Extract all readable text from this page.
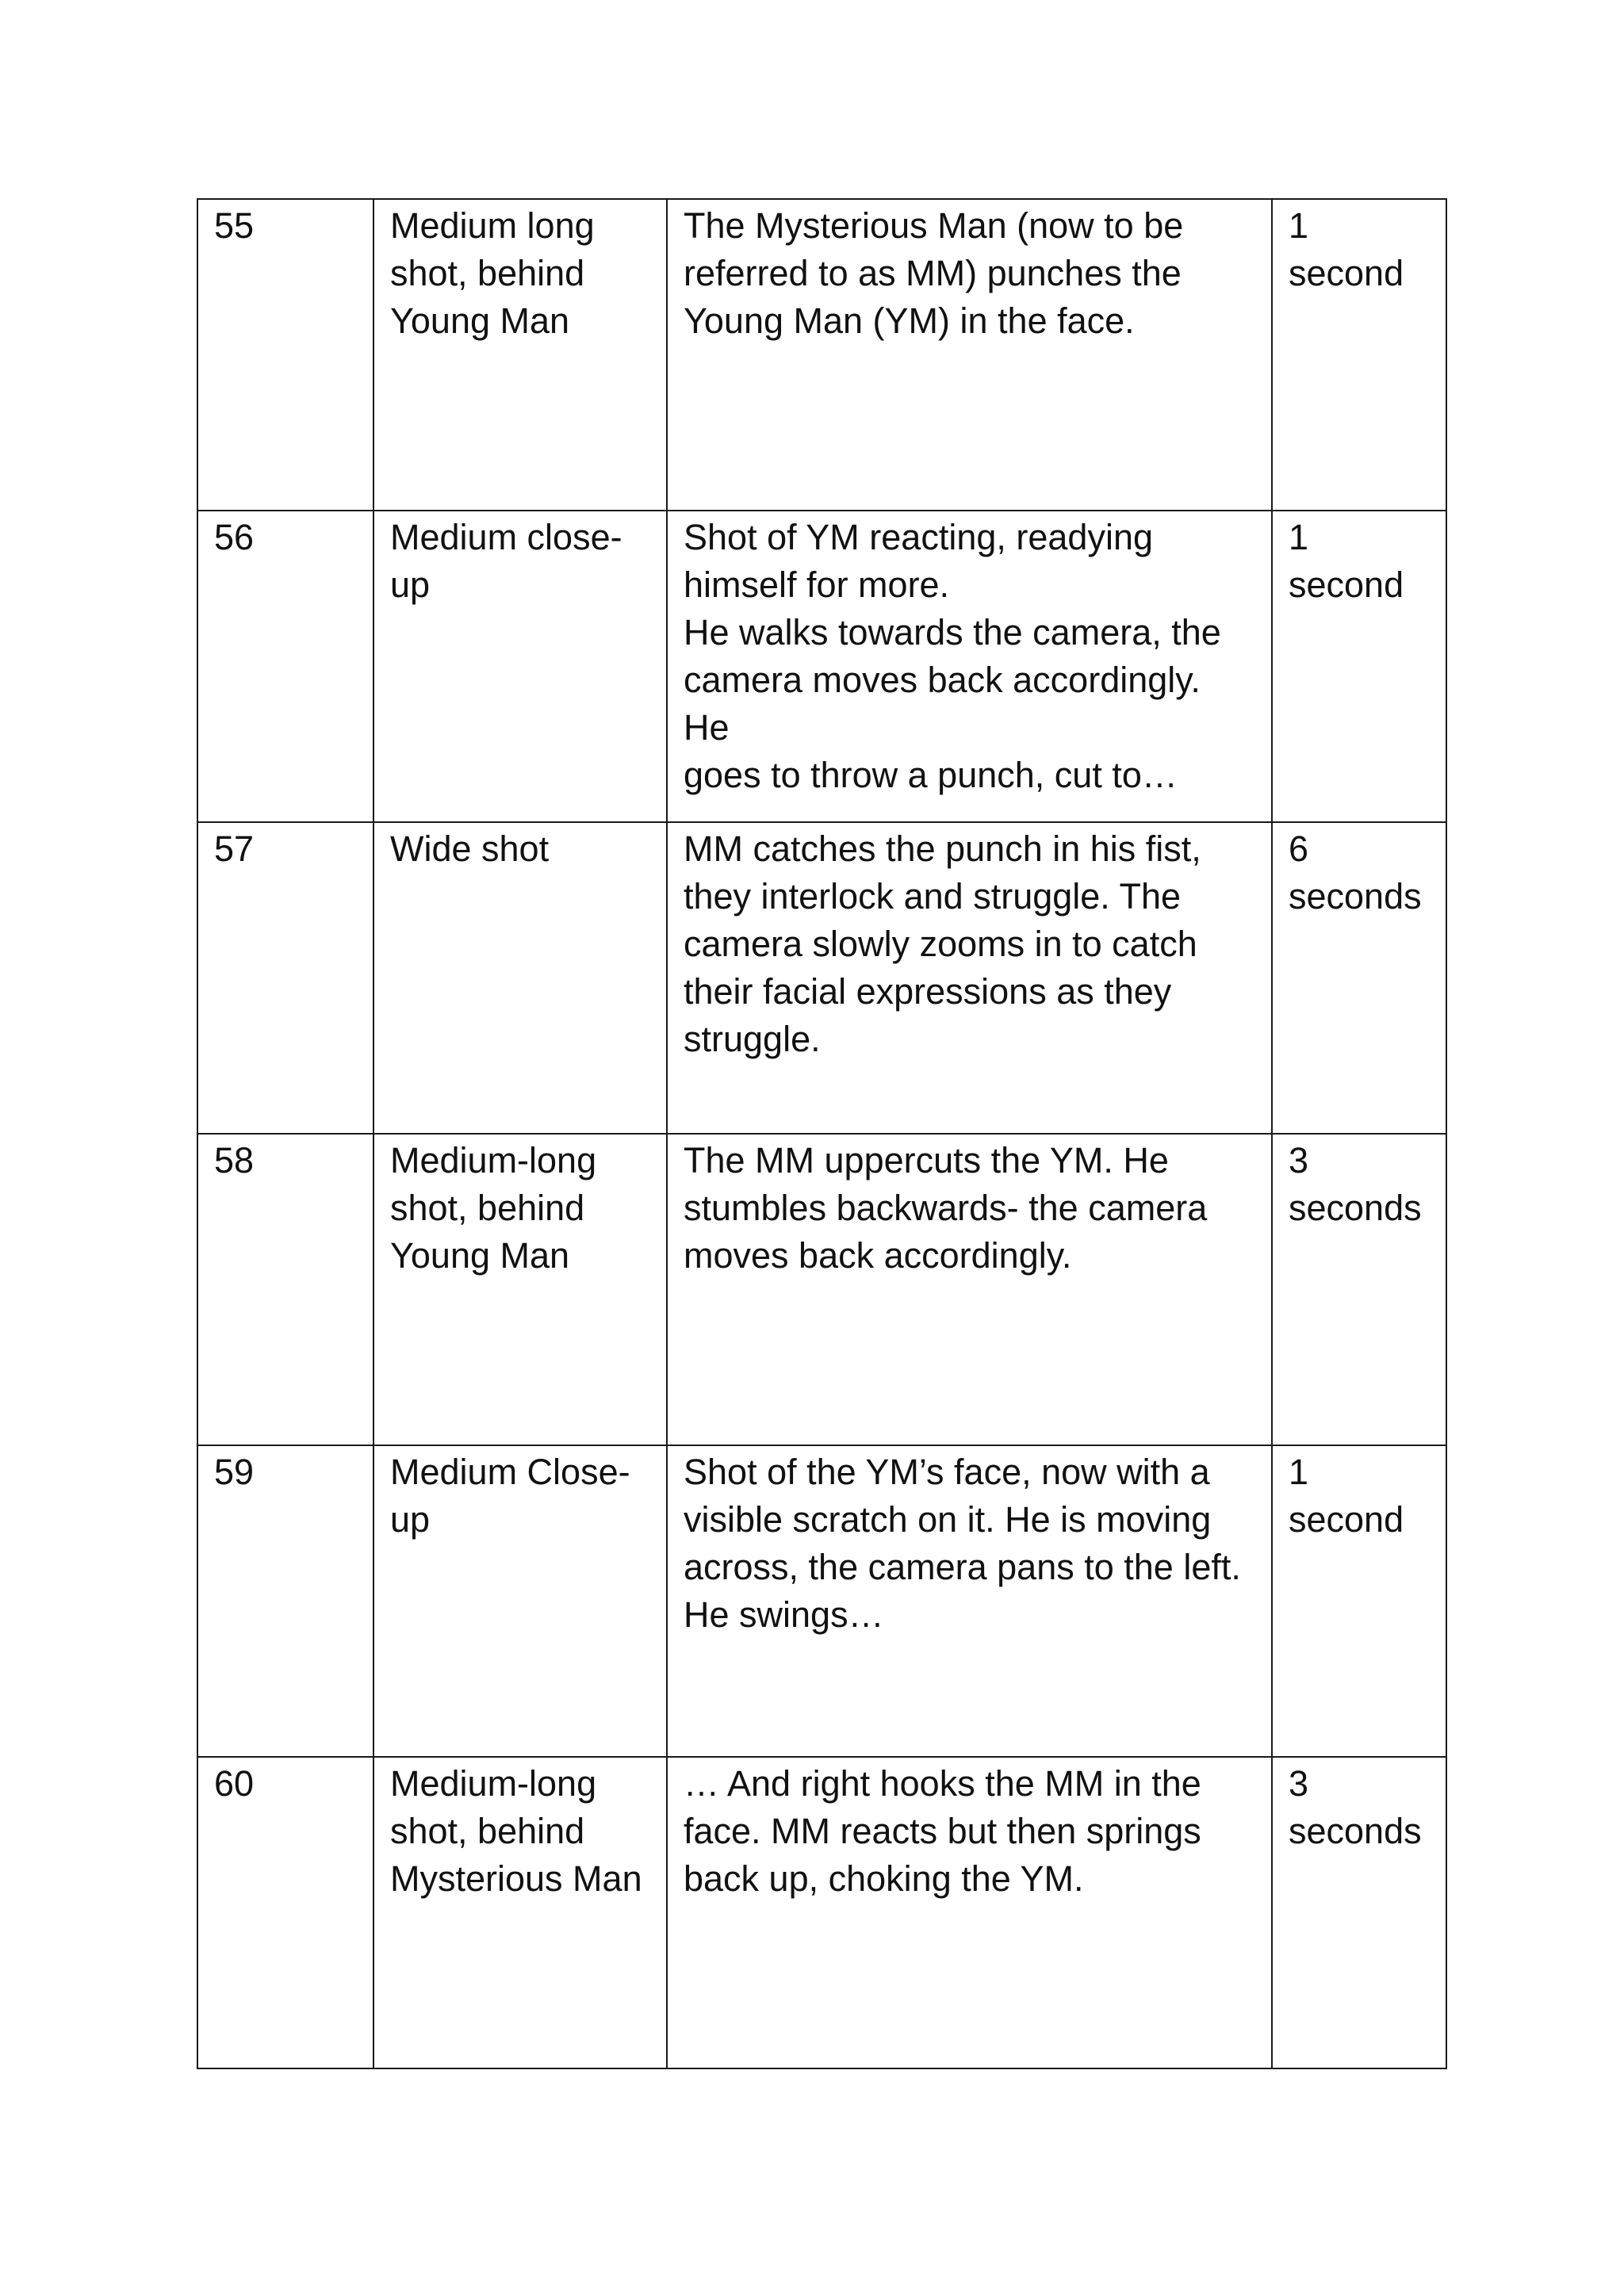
55	Medium long
shot, behind
Young Man	The Mysterious Man (now to be
referred to as MM) punches the
Young Man (YM) in the face.	1 second

56	Medium close-
up	Shot of YM reacting, readying
himself for more.
He walks towards the camera, the
camera moves back accordingly.  He
goes to throw a punch, cut to…	1 second

57	Wide shot	MM catches the punch in his fist,
they interlock and struggle. The
camera slowly zooms in to catch
their facial expressions as they
struggle.	6
seconds

58	Medium-long
shot, behind
Young Man	The MM uppercuts the YM. He
stumbles backwards- the camera
moves back accordingly.	3
seconds

59	Medium Close-
up	Shot of the YM’s face, now with a
visible scratch on it. He is moving
across, the camera pans to the left.
He swings…	1 second

60	Medium-long
shot, behind
Mysterious Man	… And right hooks the MM in the
face. MM reacts but then springs
back up, choking the YM.	3
seconds
